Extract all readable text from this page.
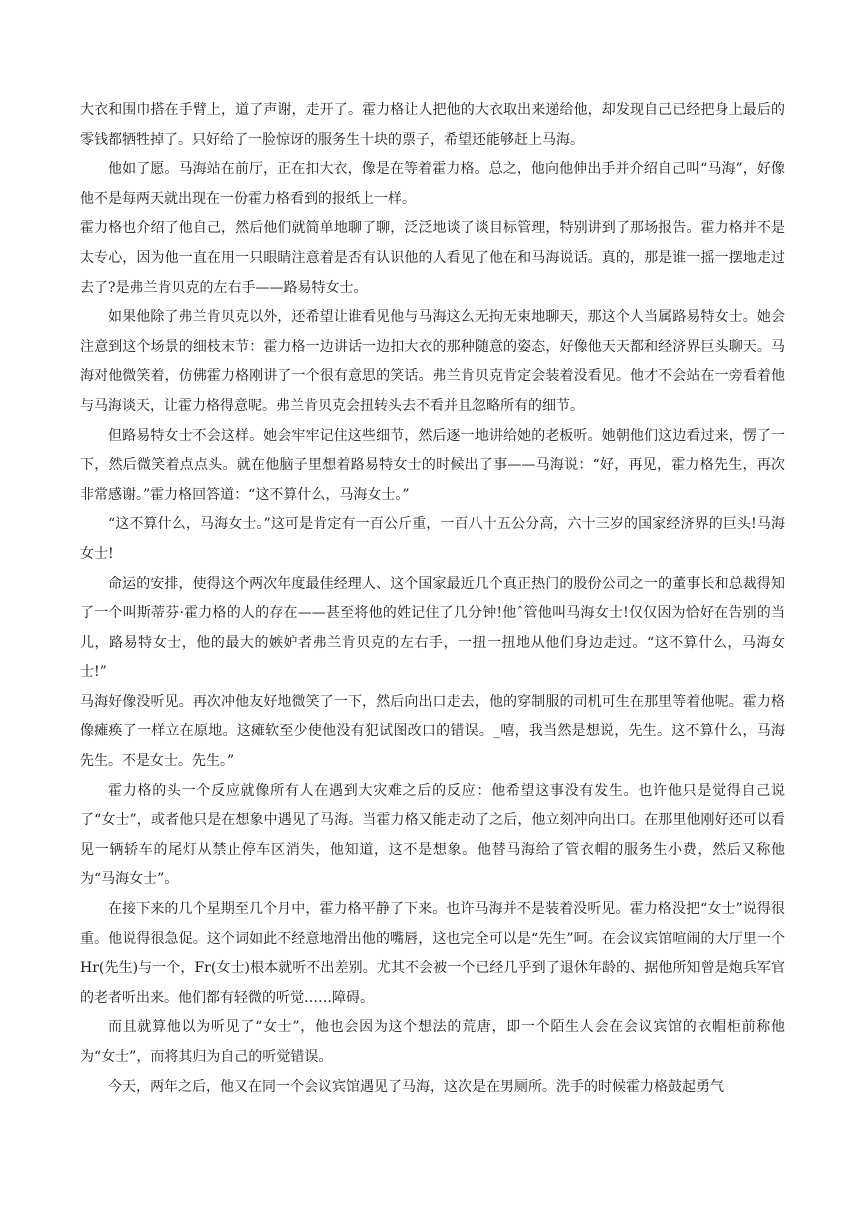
大衣和围巾搭在手臂上，道了声谢，走开了。霍力格让人把他的大衣取出来递给他，却发现自己已经把身上最后的零钱都牺牲掉了。只好给了一脸惊讶的服务生十块的票子，希望还能够赶上马海。

他如了愿。马海站在前厅，正在扣大衣，像是在等着霍力格。总之，他向他伸出手并介绍自己叫“马海”，好像他不是每两天就出现在一份霍力格看到的报纸上一样。

霍力格也介绍了他自己，然后他们就简单地聊了聊，泛泛地谈了谈目标管理，特别讲到了那场报告。霍力格并不是太专心，因为他一直在用一只眼睛注意着是否有认识他的人看见了他在和马海说话。真的，那是谁一摇一摆地走过去了?是弗兰肯贝克的左右手——路易特女士。

如果他除了弗兰肯贝克以外，还希望让谁看见他与马海这么无拘无束地聊天，那这个人当属路易特女士。她会注意到这个场景的细枝末节：霍力格一边讲话一边扣大衣的那种随意的姿态，好像他天天都和经济界巨头聊天。马海对他微笑着，仿佛霍力格刚讲了一个很有意思的笑话。弗兰肯贝克肯定会装着没看见。他才不会站在一旁看着他与马海谈天，让霍力格得意呢。弗兰肯贝克会扭转头去不看并且忽略所有的细节。

但路易特女士不会这样。她会牢牢记住这些细节，然后逐一地讲给她的老板听。她朝他们这边看过来，愣了一下，然后微笑着点点头。就在他脑子里想着路易特女士的时候出了事——马海说：“好，再见，霍力格先生，再次非常感谢。”霍力格回答道：“这不算什么，马海女士。”

“这不算什么，马海女士。”这可是肯定有一百公斤重，一百八十五公分高，六十三岁的国家经济界的巨头!马海女士!

命运的安排，使得这个两次年度最佳经理人、这个国家最近几个真正热门的股份公司之一的董事长和总裁得知了一个叫斯蒂芬·霍力格的人的存在——甚至将他的姓记住了几分钟!他ˆ管他叫马海女士!仅仅因为恰好在告别的当儿，路易特女士，他的最大的嫉妒者弗兰肯贝克的左右手，一扭一扭地从他们身边走过。“这不算什么，马海女士!”

马海好像没听见。再次冲他友好地微笑了一下，然后向出口走去，他的穿制服的司机可生在那里等着他呢。霍力格像瘫痪了一样立在原地。这瘫软至少使他没有犯试图改口的错误。_嘻，我当然是想说，先生。这不算什么，马海先生。不是女士。先生。”

霍力格的头一个反应就像所有人在遇到大灾难之后的反应：他希望这事没有发生。也许他只是觉得自己说了“女士”，或者他只是在想象中遇见了马海。当霍力格又能走动了之后，他立刻冲向出口。在那里他刚好还可以看见一辆轿车的尾灯从禁止停车区消失，他知道，这不是想象。他替马海给了管衣帽的服务生小费，然后又称他为“马海女士”。

在接下来的几个星期至几个月中，霍力格平静了下来。也许马海并不是装着没听见。霍力格没把“女士”说得很重。他说得很急促。这个词如此不经意地滑出他的嘴唇，这也完全可以是“先生”呵。在会议宾馆喧闹的大厅里一个Hr(先生)与一个，Fr(女士)根本就听不出差别。尤其不会被一个已经几乎到了退休年龄的、据他所知曾是炮兵军官的老者听出来。他们都有轻微的听觉……障碍。

而且就算他以为听见了“女士”，他也会因为这个想法的荒唐，即一个陌生人会在会议宾馆的衣帽柜前称他为“女士”，而将其归为自己的听觉错误。

今天，两年之后，他又在同一个会议宾馆遇见了马海，这次是在男厕所。洗手的时候霍力格鼓起勇气
